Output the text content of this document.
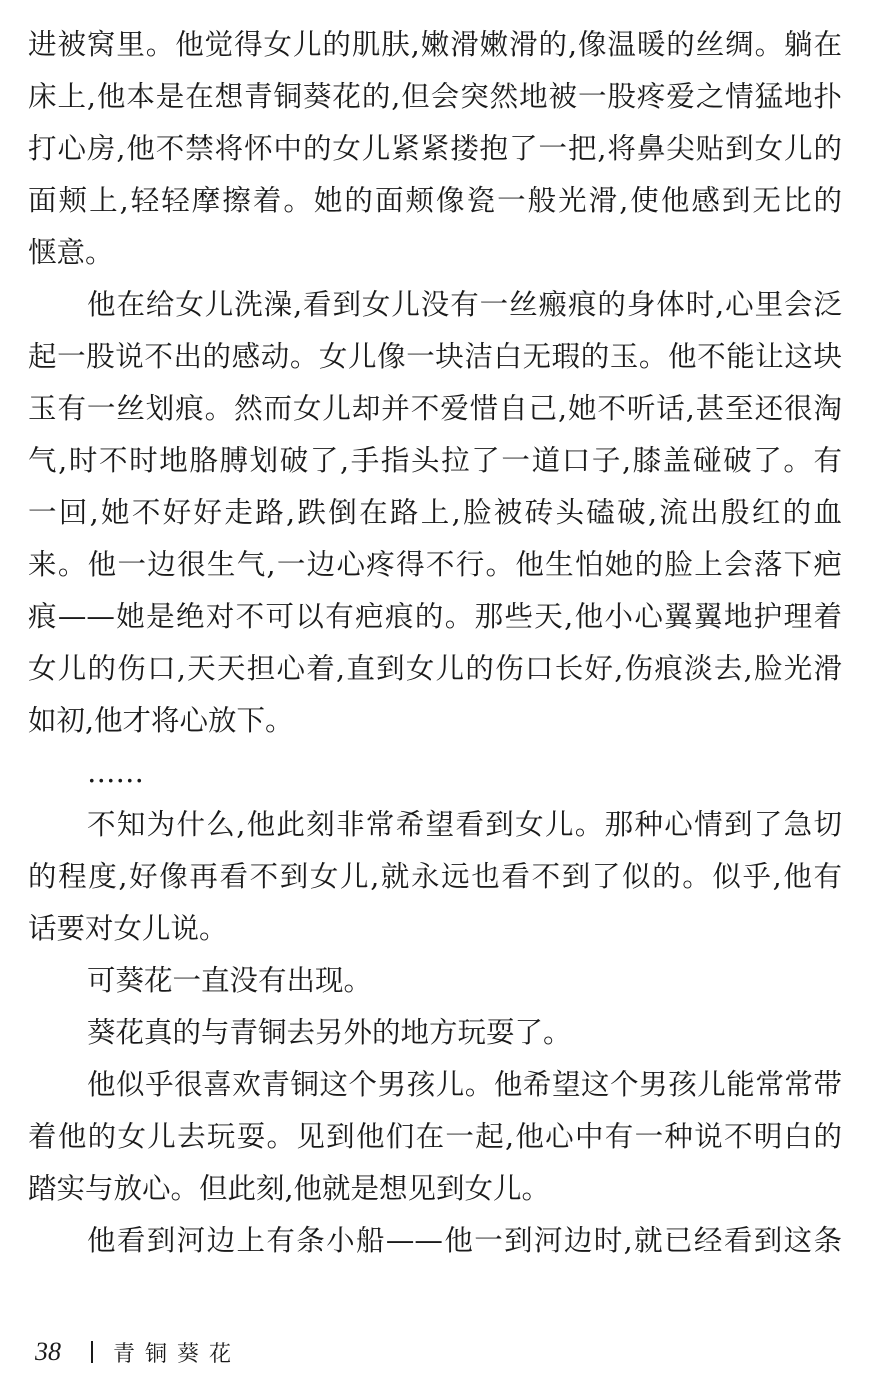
进被窝里。他觉得女儿的肌肤,嫩滑嫩滑的,像温暖的丝绸。躺在
床上,他本是在想青铜葵花的,但会突然地被一股疼爱之情猛地扑
打心房,他不禁将怀中的女儿紧紧搂抱了一把,将鼻尖贴到女儿的
面颊上,轻轻摩擦着。她的面颊像瓷一般光滑,使他感到无比的
惬意。
他在给女儿洗澡,看到女儿没有一丝瘢痕的身体时,心里会泛
起一股说不出的感动。女儿像一块洁白无瑕的玉。他不能让这块
玉有一丝划痕。然而女儿却并不爱惜自己,她不听话,甚至还很淘
气,时不时地胳膊划破了,手指头拉了一道口子,膝盖碰破了。有
一回,她不好好走路,跌倒在路上,脸被砖头磕破,流出殷红的血
来。他一边很生气,一边心疼得不行。他生怕她的脸上会落下疤
痕——她是绝对不可以有疤痕的。那些天,他小心翼翼地护理着
女儿的伤口,天天担心着,直到女儿的伤口长好,伤痕淡去,脸光滑
如初,他才将心放下。
……
不知为什么,他此刻非常希望看到女儿。那种心情到了急切
的程度,好像再看不到女儿,就永远也看不到了似的。似乎,他有
话要对女儿说。
可葵花一直没有出现。
葵花真的与青铜去另外的地方玩耍了。
他似乎很喜欢青铜这个男孩儿。他希望这个男孩儿能常常带
着他的女儿去玩耍。见到他们在一起,他心中有一种说不明白的
踏实与放心。但此刻,他就是想见到女儿。
他看到河边上有条小船——他一到河边时,就已经看到这条
38 青铜葵花
